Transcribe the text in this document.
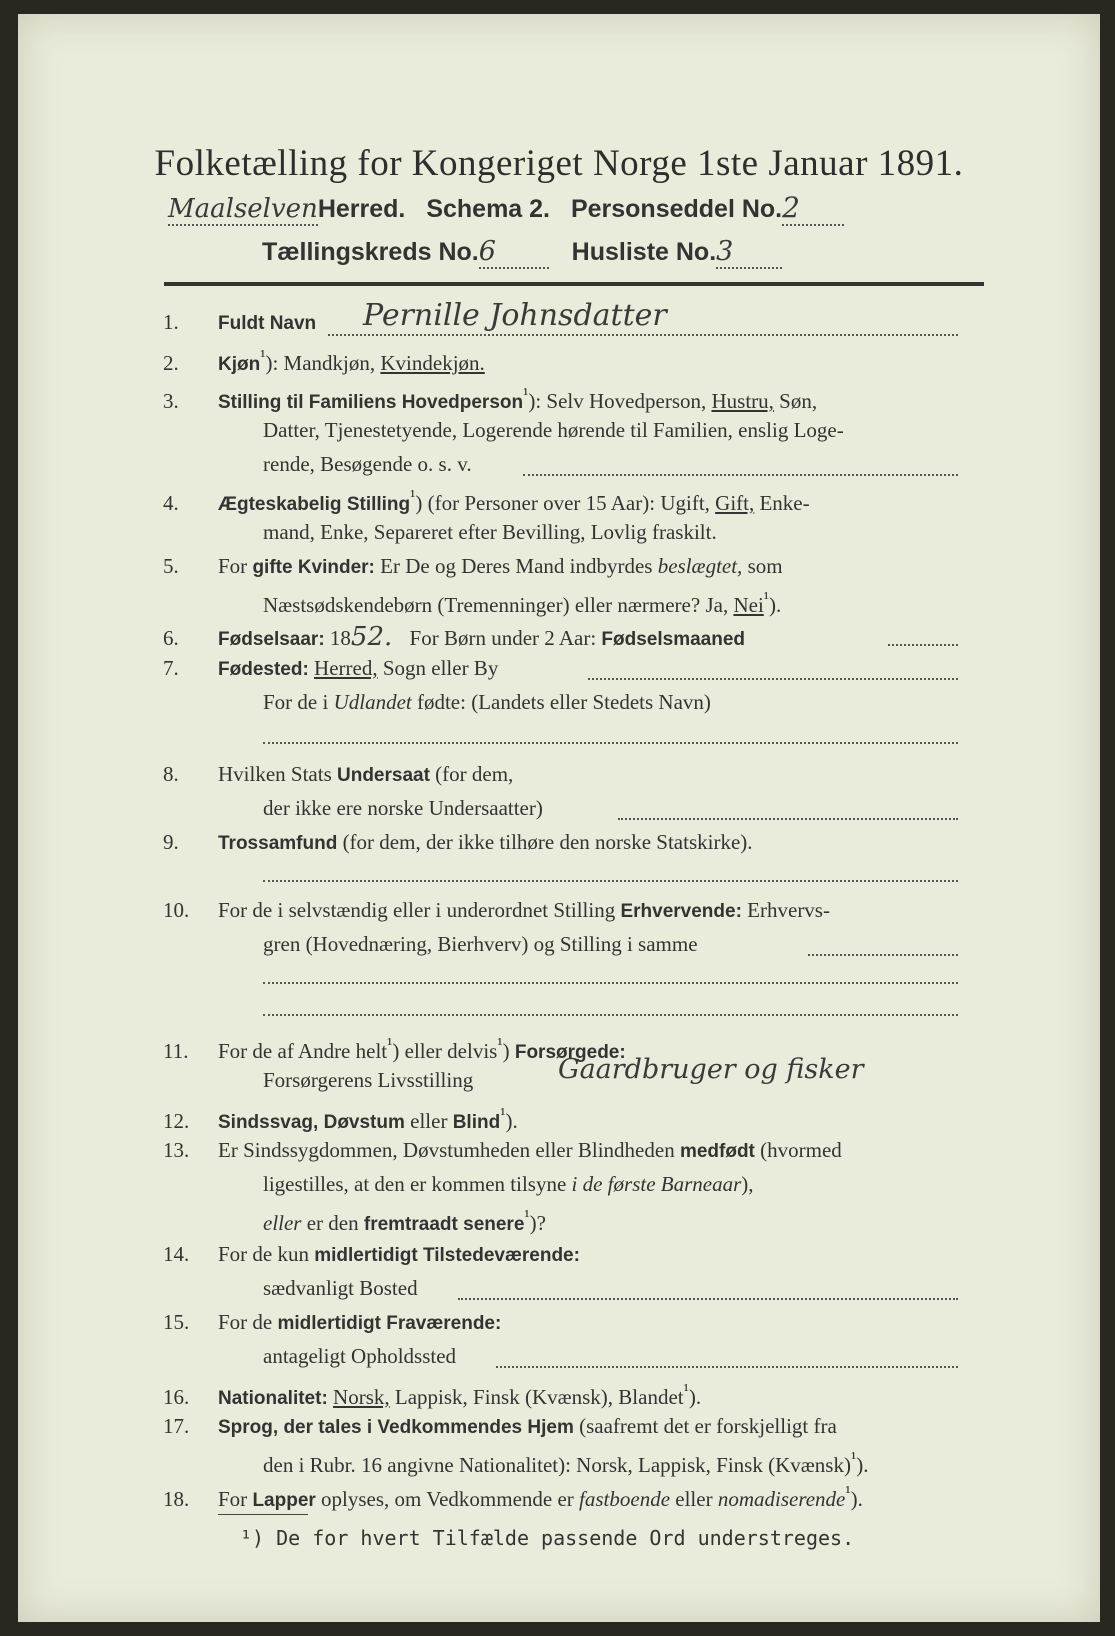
Folketælling for Kongeriget Norge 1ste Januar 1891.
MaalselvenHerred. Schema 2. Personseddel No.2
Tællingskreds No.6	Husliste No.3
1. Fuldt Navn Pernille Johnsdatter
2. Kjøn$^{^1}$): Mandkjøn, Kvindekjøn.
3. Stilling til Familiens Hovedperson$^{^1}$): Selv Hovedperson, Hustru, Søn,
Datter, Tjenestetyende, Logerende hørende til Familien, enslig Loge-
rende, Besøgende o. s. v.
4. Ægteskabelig Stilling$^{^1}$) (for Personer over 15 Aar): Ugift, Gift, Enke-
mand, Enke, Separeret efter Bevilling, Lovlig fraskilt.
5. For gifte Kvinder: Er De og Deres Mand indbyrdes beslægtet, som
Næstsødskendebørn (Tremenninger) eller nærmere? Ja, Nei$^{^1}$).
6. Fødselsaar: 1852. For Børn under 2 Aar: Fødselsmaaned
7. Fødested: Herred, Sogn eller By
For de i Udlandet fødte: (Landets eller Stedets Navn)
8. Hvilken Stats Undersaat (for dem,
der ikke ere norske Undersaatter)
9. Trossamfund (for dem, der ikke tilhøre den norske Statskirke).
10. For de i selvstændig eller i underordnet Stilling Erhvervende: Erhvervs-
gren (Hovednæring, Bierhverv) og Stilling i samme
11. For de af Andre helt$^{^1}$) eller delvis$^{^1}$) Forsørgede:
Forsørgerens Livsstilling	Gaardbruger og fisker
12. Sindssvag, Døvstum eller Blind$^{^1}$).
13. Er Sindssygdommen, Døvstumheden eller Blindheden medfødt (hvormed
ligestilles, at den er kommen tilsyne i de første Barneaar),
eller er den fremtraadt senere$^{^1}$)?
14. For de kun midlertidigt Tilstedeværende:
sædvanligt Bosted
15. For de midlertidigt Fraværende:
antageligt Opholdssted
16. Nationalitet: Norsk, Lappisk, Finsk (Kvænsk), Blandet$^{^1}$).
17. Sprog, der tales i Vedkommendes Hjem (saafremt det er forskjelligt fra
den i Rubr. 16 angivne Nationalitet): Norsk, Lappisk, Finsk (Kvænsk)$^{^1}$).
18. For Lapper oplyses, om Vedkommende er fastboende eller nomadiserende$^{^1}$).
¹) De for hvert Tilfælde passende Ord understreges.
